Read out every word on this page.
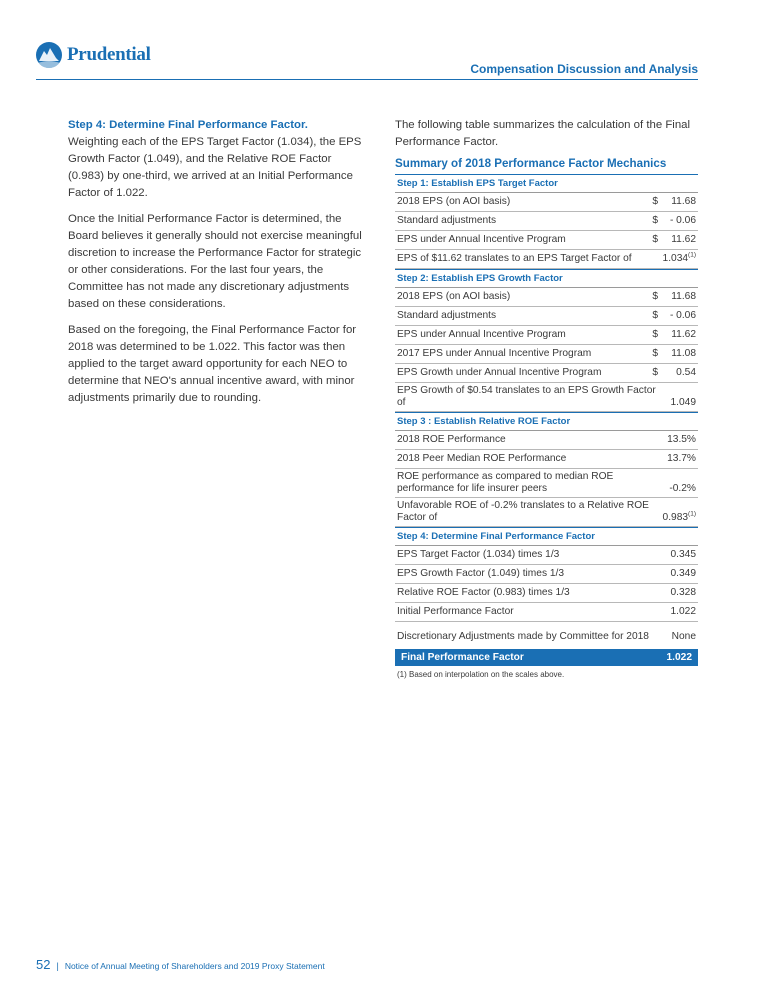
Prudential
Compensation Discussion and Analysis
Step 4: Determine Final Performance Factor.

Weighting each of the EPS Target Factor (1.034), the EPS Growth Factor (1.049), and the Relative ROE Factor (0.983) by one-third, we arrived at an Initial Performance Factor of 1.022.

Once the Initial Performance Factor is determined, the Board believes it generally should not exercise meaningful discretion to increase the Performance Factor for strategic or other considerations. For the last four years, the Committee has not made any discretionary adjustments based on these considerations.

Based on the foregoing, the Final Performance Factor for 2018 was determined to be 1.022. This factor was then applied to the target award opportunity for each NEO to determine that NEO's annual incentive award, with minor adjustments primarily due to rounding.

The following table summarizes the calculation of the Final Performance Factor.

Summary of 2018 Performance Factor Mechanics
Step 1: Establish EPS Target Factor
2018 EPS (on AOI basis)	$ 11.68
Standard adjustments	$ - 0.06
EPS under Annual Incentive Program	$ 11.62
EPS of $11.62 translates to an EPS Target Factor of	1.034$^{(1)}$
Step 2: Establish EPS Growth Factor
2018 EPS (on AOI basis)	$ 11.68
Standard adjustments	$ - 0.06
EPS under Annual Incentive Program	$ 11.62
2017 EPS under Annual Incentive Program	$ 11.08
EPS Growth under Annual Incentive Program	$ 0.54
EPS Growth of $0.54 translates to an EPS Growth Factor of	1.049
Step 3 : Establish Relative ROE Factor
2018 ROE Performance	13.5%
2018 Peer Median ROE Performance	13.7%
ROE performance as compared to median ROE performance for life insurer peers	-0.2%
Unfavorable ROE of -0.2% translates to a Relative ROE Factor of	0.983$^{(1)}$
Step 4: Determine Final Performance Factor
EPS Target Factor (1.034) times 1/3	0.345
EPS Growth Factor (1.049) times 1/3	0.349
Relative ROE Factor (0.983) times 1/3	0.328
Initial Performance Factor	1.022
Discretionary Adjustments made by Committee for 2018	None
Final Performance Factor	1.022
(1) Based on interpolation on the scales above.
52 | Notice of Annual Meeting of Shareholders and 2019 Proxy Statement
